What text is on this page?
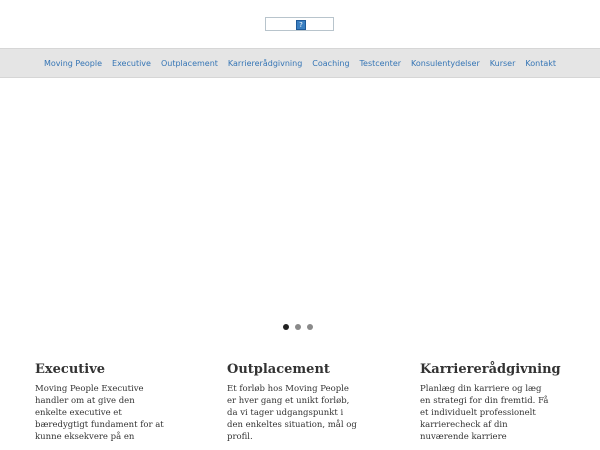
?
Moving People Executive Outplacement Karriererådgivning Coaching Testcenter Konsulentydelser Kurser Kontakt
Executive

Moving People Executive handler om at give den enkelte executive et bæredygtigt fundament for at kunne eksekvere på en

Outplacement

Et forløb hos Moving People er hver gang et unikt forløb, da vi tager udgangspunkt i den enkeltes situation, mål og profil.

Karriererådgivning

Planlæg din karriere og læg en strategi for din fremtid. Få et individuelt professionelt karrierecheck af din nuværende karriere
